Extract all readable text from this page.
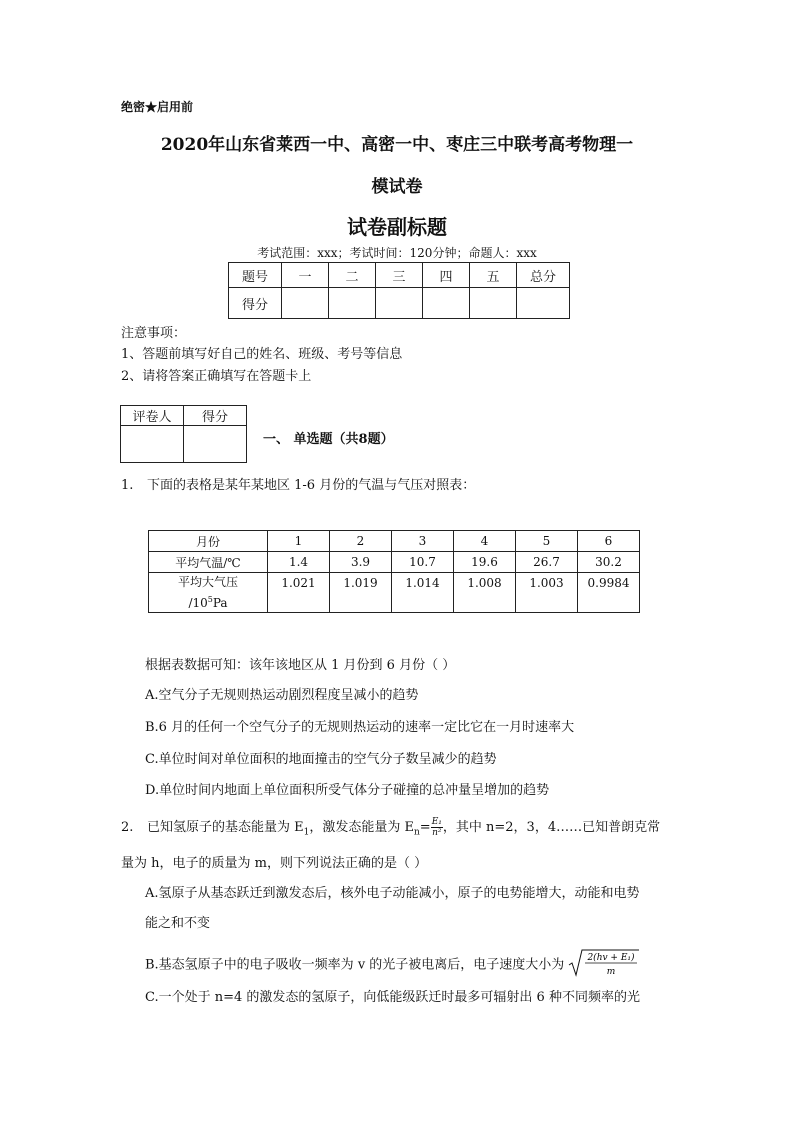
绝密★启用前
2020年山东省莱西一中、高密一中、枣庄三中联考高考物理一
模试卷
试卷副标题
考试范围：xxx；考试时间：120分钟；命题人：xxx
题号	一	二	三	四	五	总分
得分						
注意事项：
1、答题前填写好自己的姓名、班级、考号等信息
2、请将答案正确填写在答题卡上
评卷人	得分

一、 单选题（共8题）
1. 下面的表格是某年某地区 1-6 月份的气温与气压对照表：
月份	1	2	3	4	5	6
平均气温/℃	1.4	3.9	10.7	19.6	26.7	30.2
平均大气压
$/10^5Pa$	1.021	1.019	1.014	1.008	1.003	0.9984
根据表数据可知：该年该地区从 1 月份到 6 月份（ ）
A.空气分子无规则热运动剧烈程度呈减小的趋势
B.6 月的任何一个空气分子的无规则热运动的速率一定比它在一月时速率大
C.单位时间对单位面积的地面撞击的空气分子数呈减少的趋势
D.单位时间内地面上单位面积所受气体分子碰撞的总冲量呈增加的趋势
2. 已知氢原子的基态能量为 $E_1$，激发态能量为 $E_n= \frac{\text{E₁}}{\text{n²}}$ ，其中 n=2，3，4……已知普朗克常
量为 h，电子的质量为 m，则下列说法正确的是（ ）
A.氢原子从基态跃迁到激发态后，核外电子动能减小，原子的电势能增大，动能和电势
能之和不变
B.基态氢原子中的电子吸收一频率为 v 的光子被电离后，电子速度大小为	2(hv + E₁)
m
C.一个处于 n=4 的激发态的氢原子，向低能级跃迁时最多可辐射出 6 种不同频率的光
